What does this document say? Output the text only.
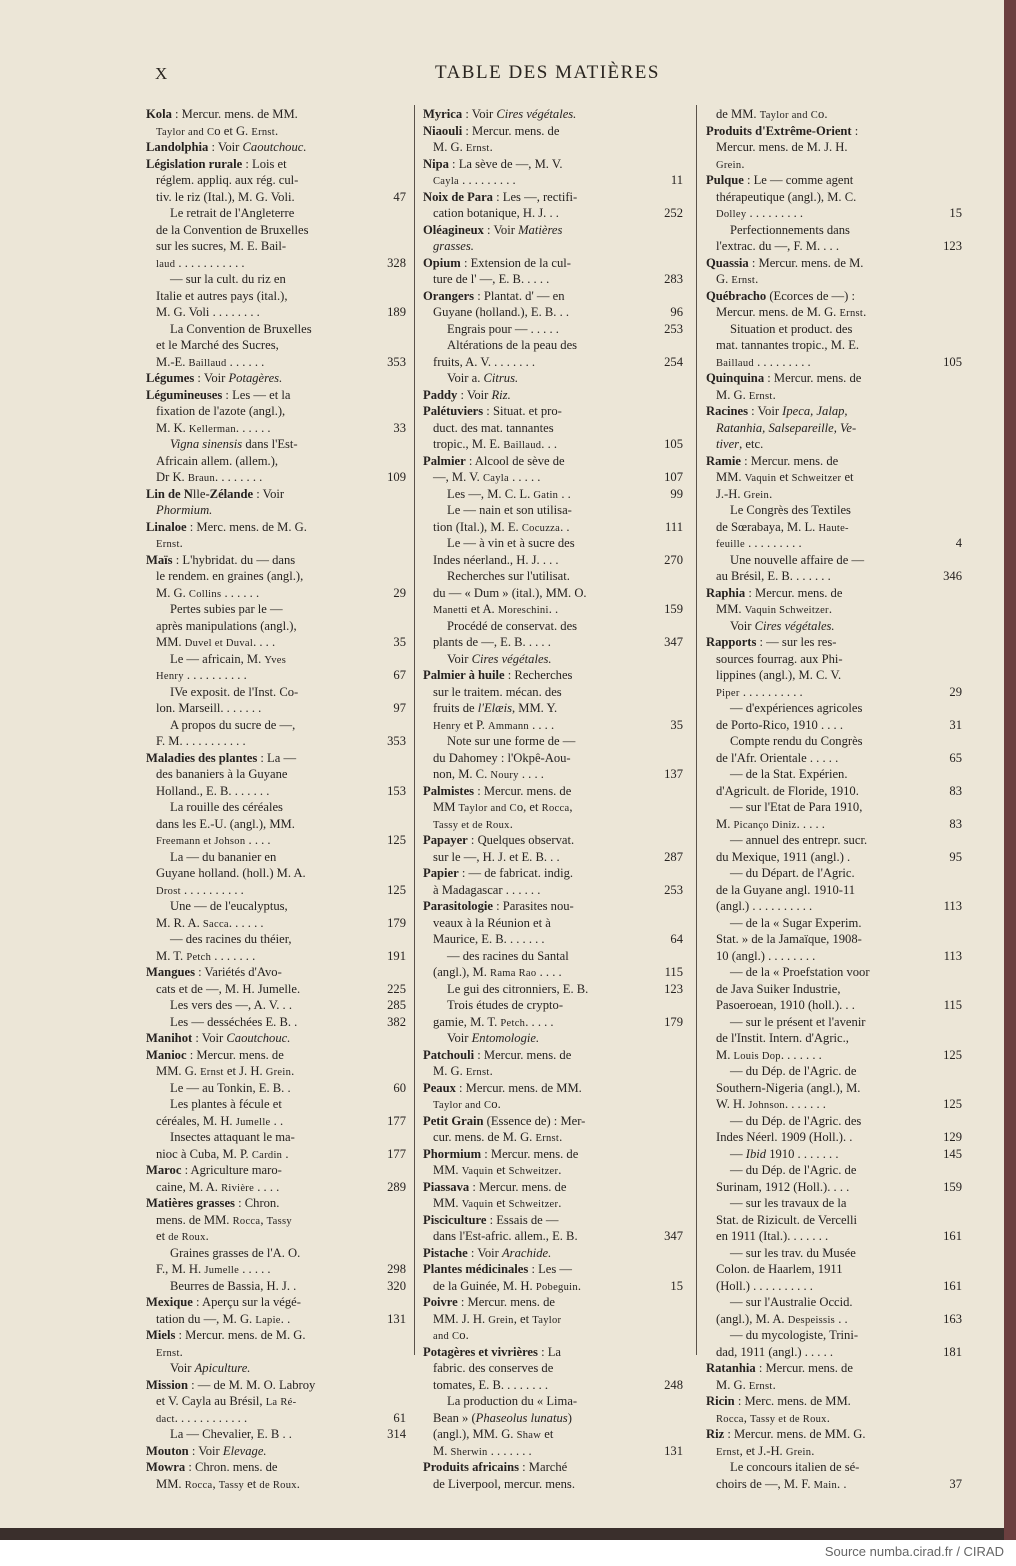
X	TABLE DES MATIÈRES
Kola : Mercur. mens. de MM.
Taylor and Co et G. Ernst.
Landolphia : Voir Caoutchouc.
Législation rurale : Lois et
réglem. appliq. aux rég. cul-
tiv. le riz (Ital.), M. G. Voli.	47
Le retrait de l'Angleterre
de la Convention de Bruxelles
sur les sucres, M. E. Bail-
laud . . . . . . . . . . .	328
— sur la cult. du riz en
Italie et autres pays (ital.),
M. G. Voli . . . . . . . .	189
La Convention de Bruxelles
et le Marché des Sucres,
M.-E. Baillaud . . . . . .	353
Légumes : Voir Potagères.
Légumineuses : Les — et la
fixation de l'azote (angl.),
M. K. Kellerman. . . . . .	33
Vigna sinensis dans l'Est-
Africain allem. (allem.),
Dr K. Braun. . . . . . . .	109
Lin de Nlle-Zélande : Voir
Phormium.
Linaloe : Merc. mens. de M. G.
Ernst.
Maïs : L'hybridat. du — dans
le rendem. en graines (angl.),
M. G. Collins . . . . . .	29
Pertes subies par le —
après manipulations (angl.),
MM. Duvel et Duval. . . .	35
Le — africain, M. Yves
Henry . . . . . . . . . .	67
IVe exposit. de l'Inst. Co-
lon. Marseill. . . . . . .	97
A propos du sucre de —,
F. M. . . . . . . . . . .	353
Maladies des plantes : La —
des bananiers à la Guyane
Holland., E. B. . . . . . .	153
La rouille des céréales
dans les E.-U. (angl.), MM.
Freemann et Johson . . . .	125
La — du bananier en
Guyane holland. (holl.) M. A.
Drost . . . . . . . . . .	125
Une — de l'eucalyptus,
M. R. A. Sacca. . . . . .	179
— des racines du théier,
M. T. Petch . . . . . . .	191
Mangues : Variétés d'Avo-
cats et de —, M. H. Jumelle.	225
Les vers des —, A. V. . .	285
Les — desséchées E. B. .	382
Manihot : Voir Caoutchouc.
Manioc : Mercur. mens. de
MM. G. Ernst et J. H. Grein.
Le — au Tonkin, E. B. .	60
Les plantes à fécule et
céréales, M. H. Jumelle . .	177
Insectes attaquant le ma-
nioc à Cuba, M. P. Cardin .	177
Maroc : Agriculture maro-
caine, M. A. Rivière . . . .	289
Matières grasses : Chron.
mens. de MM. Rocca, Tassy
et de Roux.
Graines grasses de l'A. O.
F., M. H. Jumelle . . . . .	298
Beurres de Bassia, H. J. .	320
Mexique : Aperçu sur la végé-
tation du —, M. G. Lapie. .	131
Miels : Mercur. mens. de M. G.
Ernst.
Voir Apiculture.
Mission : — de M. M. O. Labroy
et V. Cayla au Brésil, La Ré-
dact. . . . . . . . . . . .	61
La — Chevalier, E. B . .	314
Mouton : Voir Elevage.
Mowra : Chron. mens. de
MM. Rocca, Tassy et de Roux.
Myrica : Voir Cires végétales.
Niaouli : Mercur. mens. de
M. G. Ernst.
Nipa : La sève de —, M. V.
Cayla . . . . . . . . .	11
Noix de Para : Les —, rectifi-
cation botanique, H. J. . .	252
Oléagineux : Voir Matières
grasses.
Opium : Extension de la cul-
ture de l' —, E. B. . . . .	283
Orangers : Plantat. d' — en
Guyane (holland.), E. B. . .	96
Engrais pour — . . . . .	253
Altérations de la peau des
fruits, A. V. . . . . . . .	254
Voir a. Citrus.
Paddy : Voir Riz.
Palétuviers : Situat. et pro-
duct. des mat. tannantes
tropic., M. E. Baillaud. . .	105
Palmier : Alcool de sève de
—, M. V. Cayla . . . . .	107
Les —, M. C. L. Gatin . .	99
Le — nain et son utilisa-
tion (Ital.), M. E. Cocuzza. .	111
Le — à vin et à sucre des
Indes néerland., H. J. . . .	270
Recherches sur l'utilisat.
du — « Dum » (ital.), MM. O.
Manetti et A. Moreschini. .	159
Procédé de conservat. des
plants de —, E. B. . . . .	347
Voir Cires végétales.
Palmier à huile : Recherches
sur le traitem. mécan. des
fruits de l'Elæis, MM. Y.
Henry et P. Ammann . . . .	35
Note sur une forme de —
du Dahomey : l'Okpê-Aou-
non, M. C. Noury . . . .	137
Palmistes : Mercur. mens. de
MM Taylor and Co, et Rocca,
Tassy et de Roux.
Papayer : Quelques observat.
sur le —, H. J. et E. B. . .	287
Papier : — de fabricat. indig.
à Madagascar . . . . . .	253
Parasitologie : Parasites nou-
veaux à la Réunion et à
Maurice, E. B. . . . . . .	64
— des racines du Santal
(angl.), M. Rama Rao . . . .	115
Le gui des citronniers, E. B.	123
Trois études de crypto-
gamie, M. T. Petch. . . . .	179
Voir Entomologie.
Patchouli : Mercur. mens. de
M. G. Ernst.
Peaux : Mercur. mens. de MM.
Taylor and Co.
Petit Grain (Essence de) : Mer-
cur. mens. de M. G. Ernst.
Phormium : Mercur. mens. de
MM. Vaquin et Schweitzer.
Piassava : Mercur. mens. de
MM. Vaquin et Schweitzer.
Pisciculture : Essais de —
dans l'Est-afric. allem., E. B.	347
Pistache : Voir Arachide.
Plantes médicinales : Les —
de la Guinée, M. H. Pobeguin.	15
Poivre : Mercur. mens. de
MM. J. H. Grein, et Taylor
and Co.
Potagères et vivrières : La
fabric. des conserves de
tomates, E. B. . . . . . . .	248
La production du « Lima-
Bean » (Phaseolus lunatus)
(angl.), MM. G. Shaw et
M. Sherwin . . . . . . .	131
Produits africains : Marché
de Liverpool, mercur. mens.
de MM. Taylor and Co.
Produits d'Extrême-Orient :
Mercur. mens. de M. J. H.
Grein.
Pulque : Le — comme agent
thérapeutique (angl.), M. C.
Dolley . . . . . . . . .	15
Perfectionnements dans
l'extrac. du —, F. M. . . .	123
Quassia : Mercur. mens. de M.
G. Ernst.
Québracho (Ecorces de —) :
Mercur. mens. de M. G. Ernst.
Situation et product. des
mat. tannantes tropic., M. E.
Baillaud . . . . . . . . .	105
Quinquina : Mercur. mens. de
M. G. Ernst.
Racines : Voir Ipeca, Jalap,
Ratanhia, Salsepareille, Ve-
tiver, etc.
Ramie : Mercur. mens. de
MM. Vaquin et Schweitzer et
J.-H. Grein.
Le Congrès des Textiles
de Sœrabaya, M. L. Haute-
feuille . . . . . . . . .	4
Une nouvelle affaire de —
au Brésil, E. B. . . . . . .	346
Raphia : Mercur. mens. de
MM. Vaquin Schweitzer.
Voir Cires végétales.
Rapports : — sur les res-
sources fourrag. aux Phi-
lippines (angl.), M. C. V.
Piper . . . . . . . . . .	29
— d'expériences agricoles
de Porto-Rico, 1910 . . . .	31
Compte rendu du Congrès
de l'Afr. Orientale . . . . .	65
— de la Stat. Expérien.
d'Agricult. de Floride, 1910.	83
— sur l'Etat de Para 1910,
M. Picanço Diniz. . . . .	83
— annuel des entrepr. sucr.
du Mexique, 1911 (angl.) .	95
— du Départ. de l'Agric.
de la Guyane angl. 1910-11
(angl.) . . . . . . . . . .	113
— de la « Sugar Experim.
Stat. » de la Jamaïque, 1908-
10 (angl.) . . . . . . . .	113
— de la « Proefstation voor
de Java Suiker Industrie,
Pasoeroean, 1910 (holl.). . .	115
— sur le présent et l'avenir
de l'Instit. Intern. d'Agric.,
M. Louis Dop. . . . . . .	125
— du Dép. de l'Agric. de
Southern-Nigeria (angl.), M.
W. H. Johnson. . . . . . .	125
— du Dép. de l'Agric. des
Indes Néerl. 1909 (Holl.). .	129
— Ibid 1910 . . . . . . .	145
— du Dép. de l'Agric. de
Surinam, 1912 (Holl.). . . .	159
— sur les travaux de la
Stat. de Rizicult. de Vercelli
en 1911 (Ital.). . . . . . .	161
— sur les trav. du Musée
Colon. de Haarlem, 1911
(Holl.) . . . . . . . . . .	161
— sur l'Australie Occid.
(angl.), M. A. Despeissis . .	163
— du mycologiste, Trini-
dad, 1911 (angl.) . . . . .	181
Ratanhia : Mercur. mens. de
M. G. Ernst.
Ricin : Merc. mens. de MM.
Rocca, Tassy et de Roux.
Riz : Mercur. mens. de MM. G.
Ernst, et J.-H. Grein.
Le concours italien de sé-
choirs de —, M. F. Main. .	37
Source numba.cirad.fr / CIRAD
